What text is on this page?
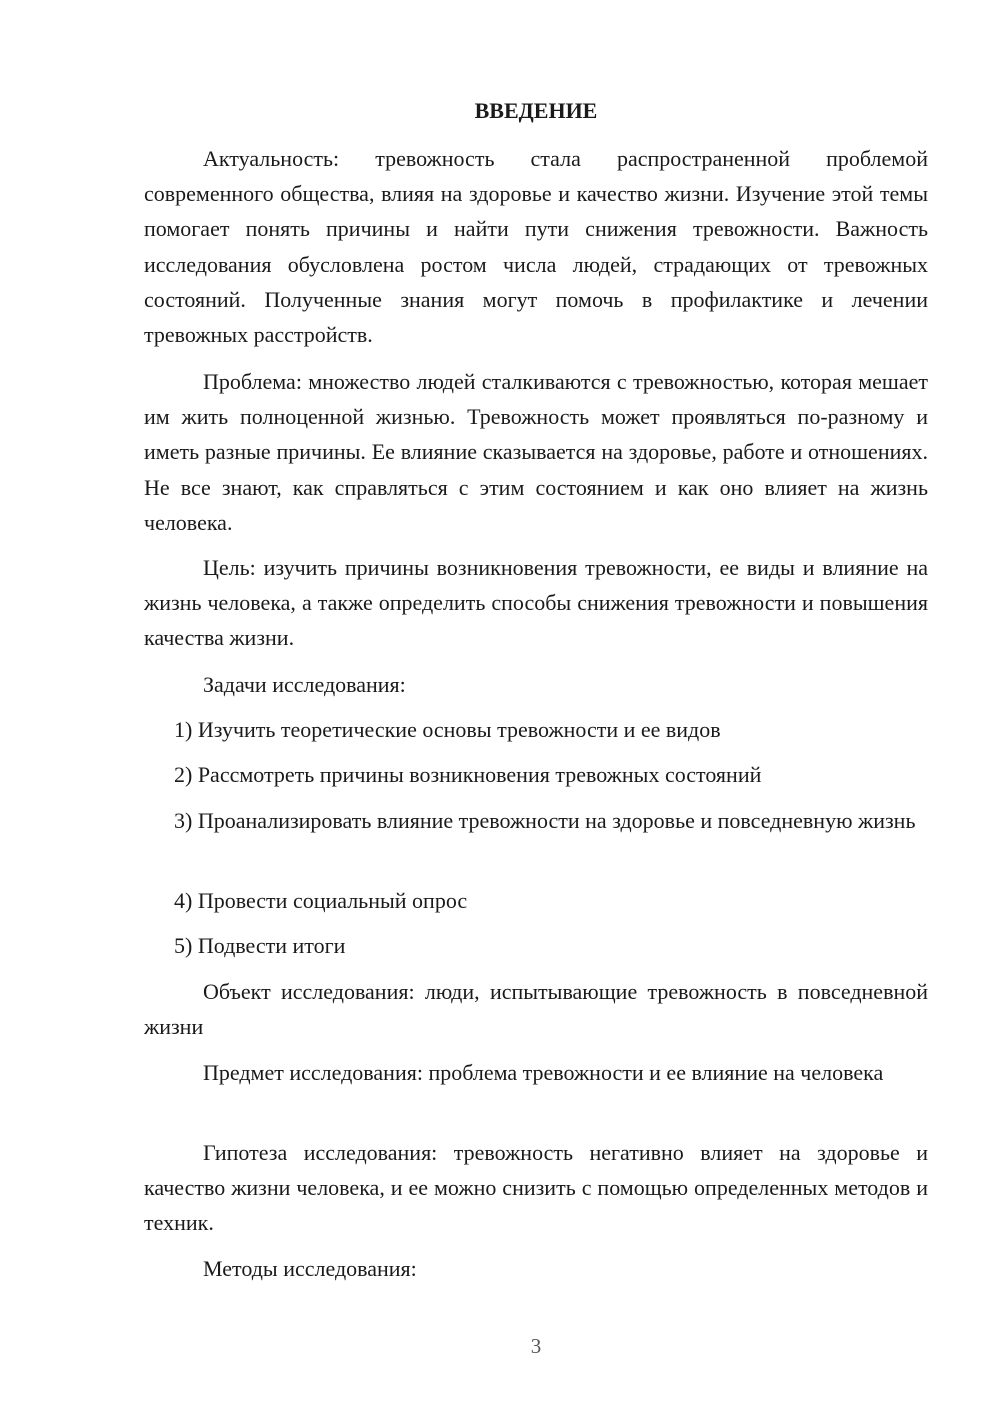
ВВЕДЕНИЕ

Актуальность: тревожность стала распространенной проблемой современного общества, влияя на здоровье и качество жизни. Изучение этой темы помогает понять причины и найти пути снижения тревожности. Важность исследования обусловлена ростом числа людей, страдающих от тревожных состояний. Полученные знания могут помочь в профилактике и лечении тревожных расстройств.

Проблема: множество людей сталкиваются с тревожностью, которая мешает им жить полноценной жизнью. Тревожность может проявляться по-разному и иметь разные причины. Ее влияние сказывается на здоровье, работе и отношениях. Не все знают, как справляться с этим состоянием и как оно влияет на жизнь человека.

Цель: изучить причины возникновения тревожности, ее виды и влияние на жизнь человека, а также определить способы снижения тревожности и повышения качества жизни.

Задачи исследования:

1) Изучить теоретические основы тревожности и ее видов

2) Рассмотреть причины возникновения тревожных состояний

3) Проанализировать влияние тревожности на здоровье и повседневную жизнь

4) Провести социальный опрос

5) Подвести итоги

Объект исследования: люди, испытывающие тревожность в повседневной жизни

Предмет исследования: проблема тревожности и ее влияние на человека

Гипотеза исследования: тревожность негативно влияет на здоровье и качество жизни человека, и ее можно снизить с помощью определенных методов и техник.

Методы исследования:

3
